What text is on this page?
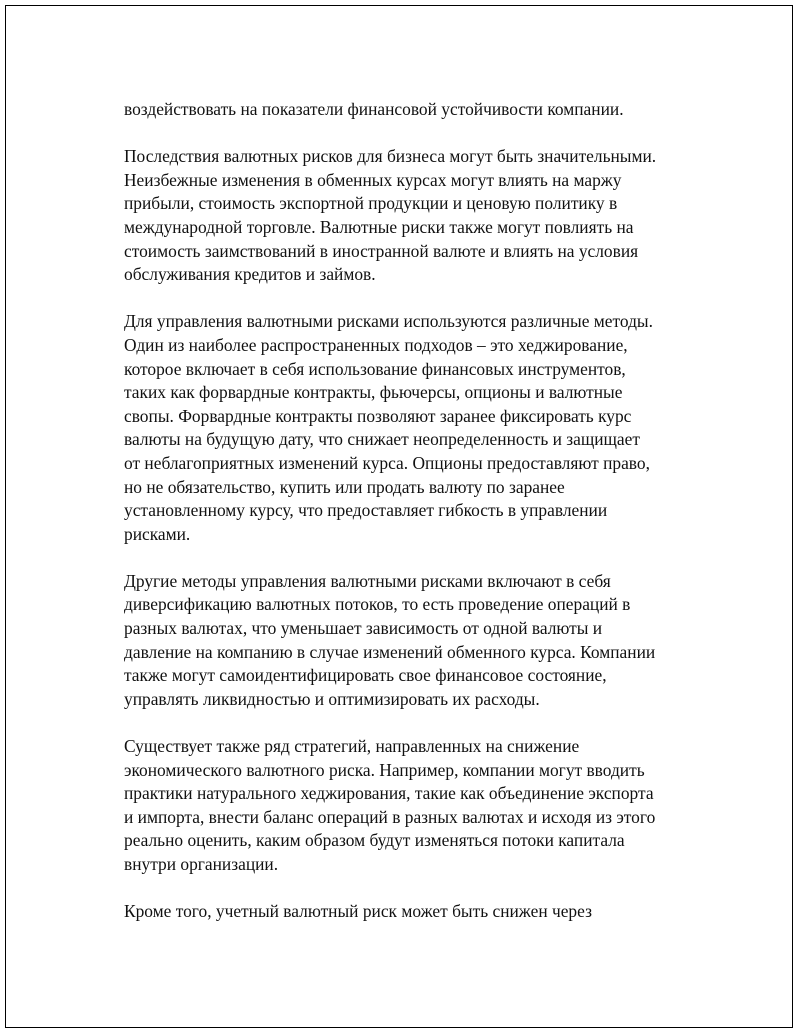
воздействовать на показатели финансовой устойчивости компании.

Последствия валютных рисков для бизнеса могут быть значительными.
Неизбежные изменения в обменных курсах могут влиять на маржу
прибыли, стоимость экспортной продукции и ценовую политику в
международной торговле. Валютные риски также могут повлиять на
стоимость заимствований в иностранной валюте и влиять на условия
обслуживания кредитов и займов.

Для управления валютными рисками используются различные методы.
Один из наиболее распространенных подходов – это хеджирование,
которое включает в себя использование финансовых инструментов,
таких как форвардные контракты, фьючерсы, опционы и валютные
свопы. Форвардные контракты позволяют заранее фиксировать курс
валюты на будущую дату, что снижает неопределенность и защищает
от неблагоприятных изменений курса. Опционы предоставляют право,
но не обязательство, купить или продать валюту по заранее
установленному курсу, что предоставляет гибкость в управлении
рисками.

Другие методы управления валютными рисками включают в себя
диверсификацию валютных потоков, то есть проведение операций в
разных валютах, что уменьшает зависимость от одной валюты и
давление на компанию в случае изменений обменного курса. Компании
также могут самоидентифицировать свое финансовое состояние,
управлять ликвидностью и оптимизировать их расходы.

Существует также ряд стратегий, направленных на снижение
экономического валютного риска. Например, компании могут вводить
практики натурального хеджирования, такие как объединение экспорта
и импорта, внести баланс операций в разных валютах и исходя из этого
реально оценить, каким образом будут изменяться потоки капитала
внутри организации.

Кроме того, учетный валютный риск может быть снижен через
